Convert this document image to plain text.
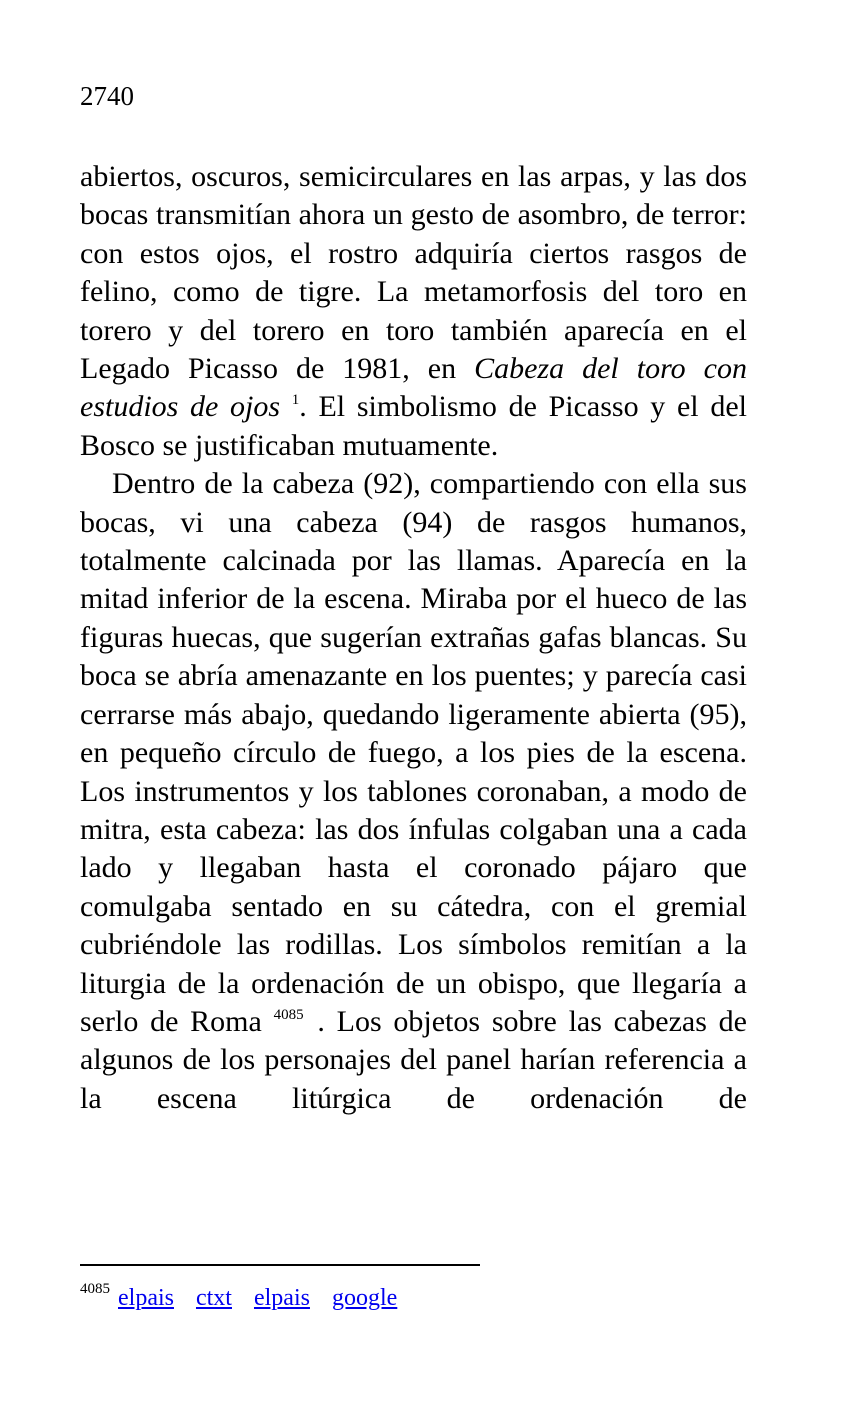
2740

abiertos, oscuros, semicirculares en las arpas, y las dos bocas transmitían ahora un gesto de asombro, de terror: con estos ojos, el rostro adquiría ciertos rasgos de felino, como de tigre. La metamorfosis del toro en torero y del torero en toro también aparecía en el Legado Picasso de 1981, en Cabeza del toro con estudios de ojos $^1$. El simbolismo de Picasso y el del Bosco se justificaban mutuamente.

Dentro de la cabeza (92), compartiendo con ella sus bocas, vi una cabeza (94) de rasgos humanos, totalmente calcinada por las llamas. Aparecía en la mitad inferior de la escena. Miraba por el hueco de las figuras huecas, que sugerían extrañas gafas blancas. Su boca se abría amenazante en los puentes; y parecía casi cerrarse más abajo, quedando ligeramente abierta (95), en pequeño círculo de fuego, a los pies de la escena. Los instrumentos y los tablones coronaban, a modo de mitra, esta cabeza: las dos ínfulas colgaban una a cada lado y llegaban hasta el coronado pájaro que comulgaba sentado en su cátedra, con el gremial cubriéndole las rodillas. Los símbolos remitían a la liturgia de la ordenación de un obispo, que llegaría a serlo de Roma $^{4085}$ . Los objetos sobre las cabezas de algunos de los personajes del panel harían referencia a la escena litúrgica de ordenación de

$^{4085}$ elpais ctxt elpais google
